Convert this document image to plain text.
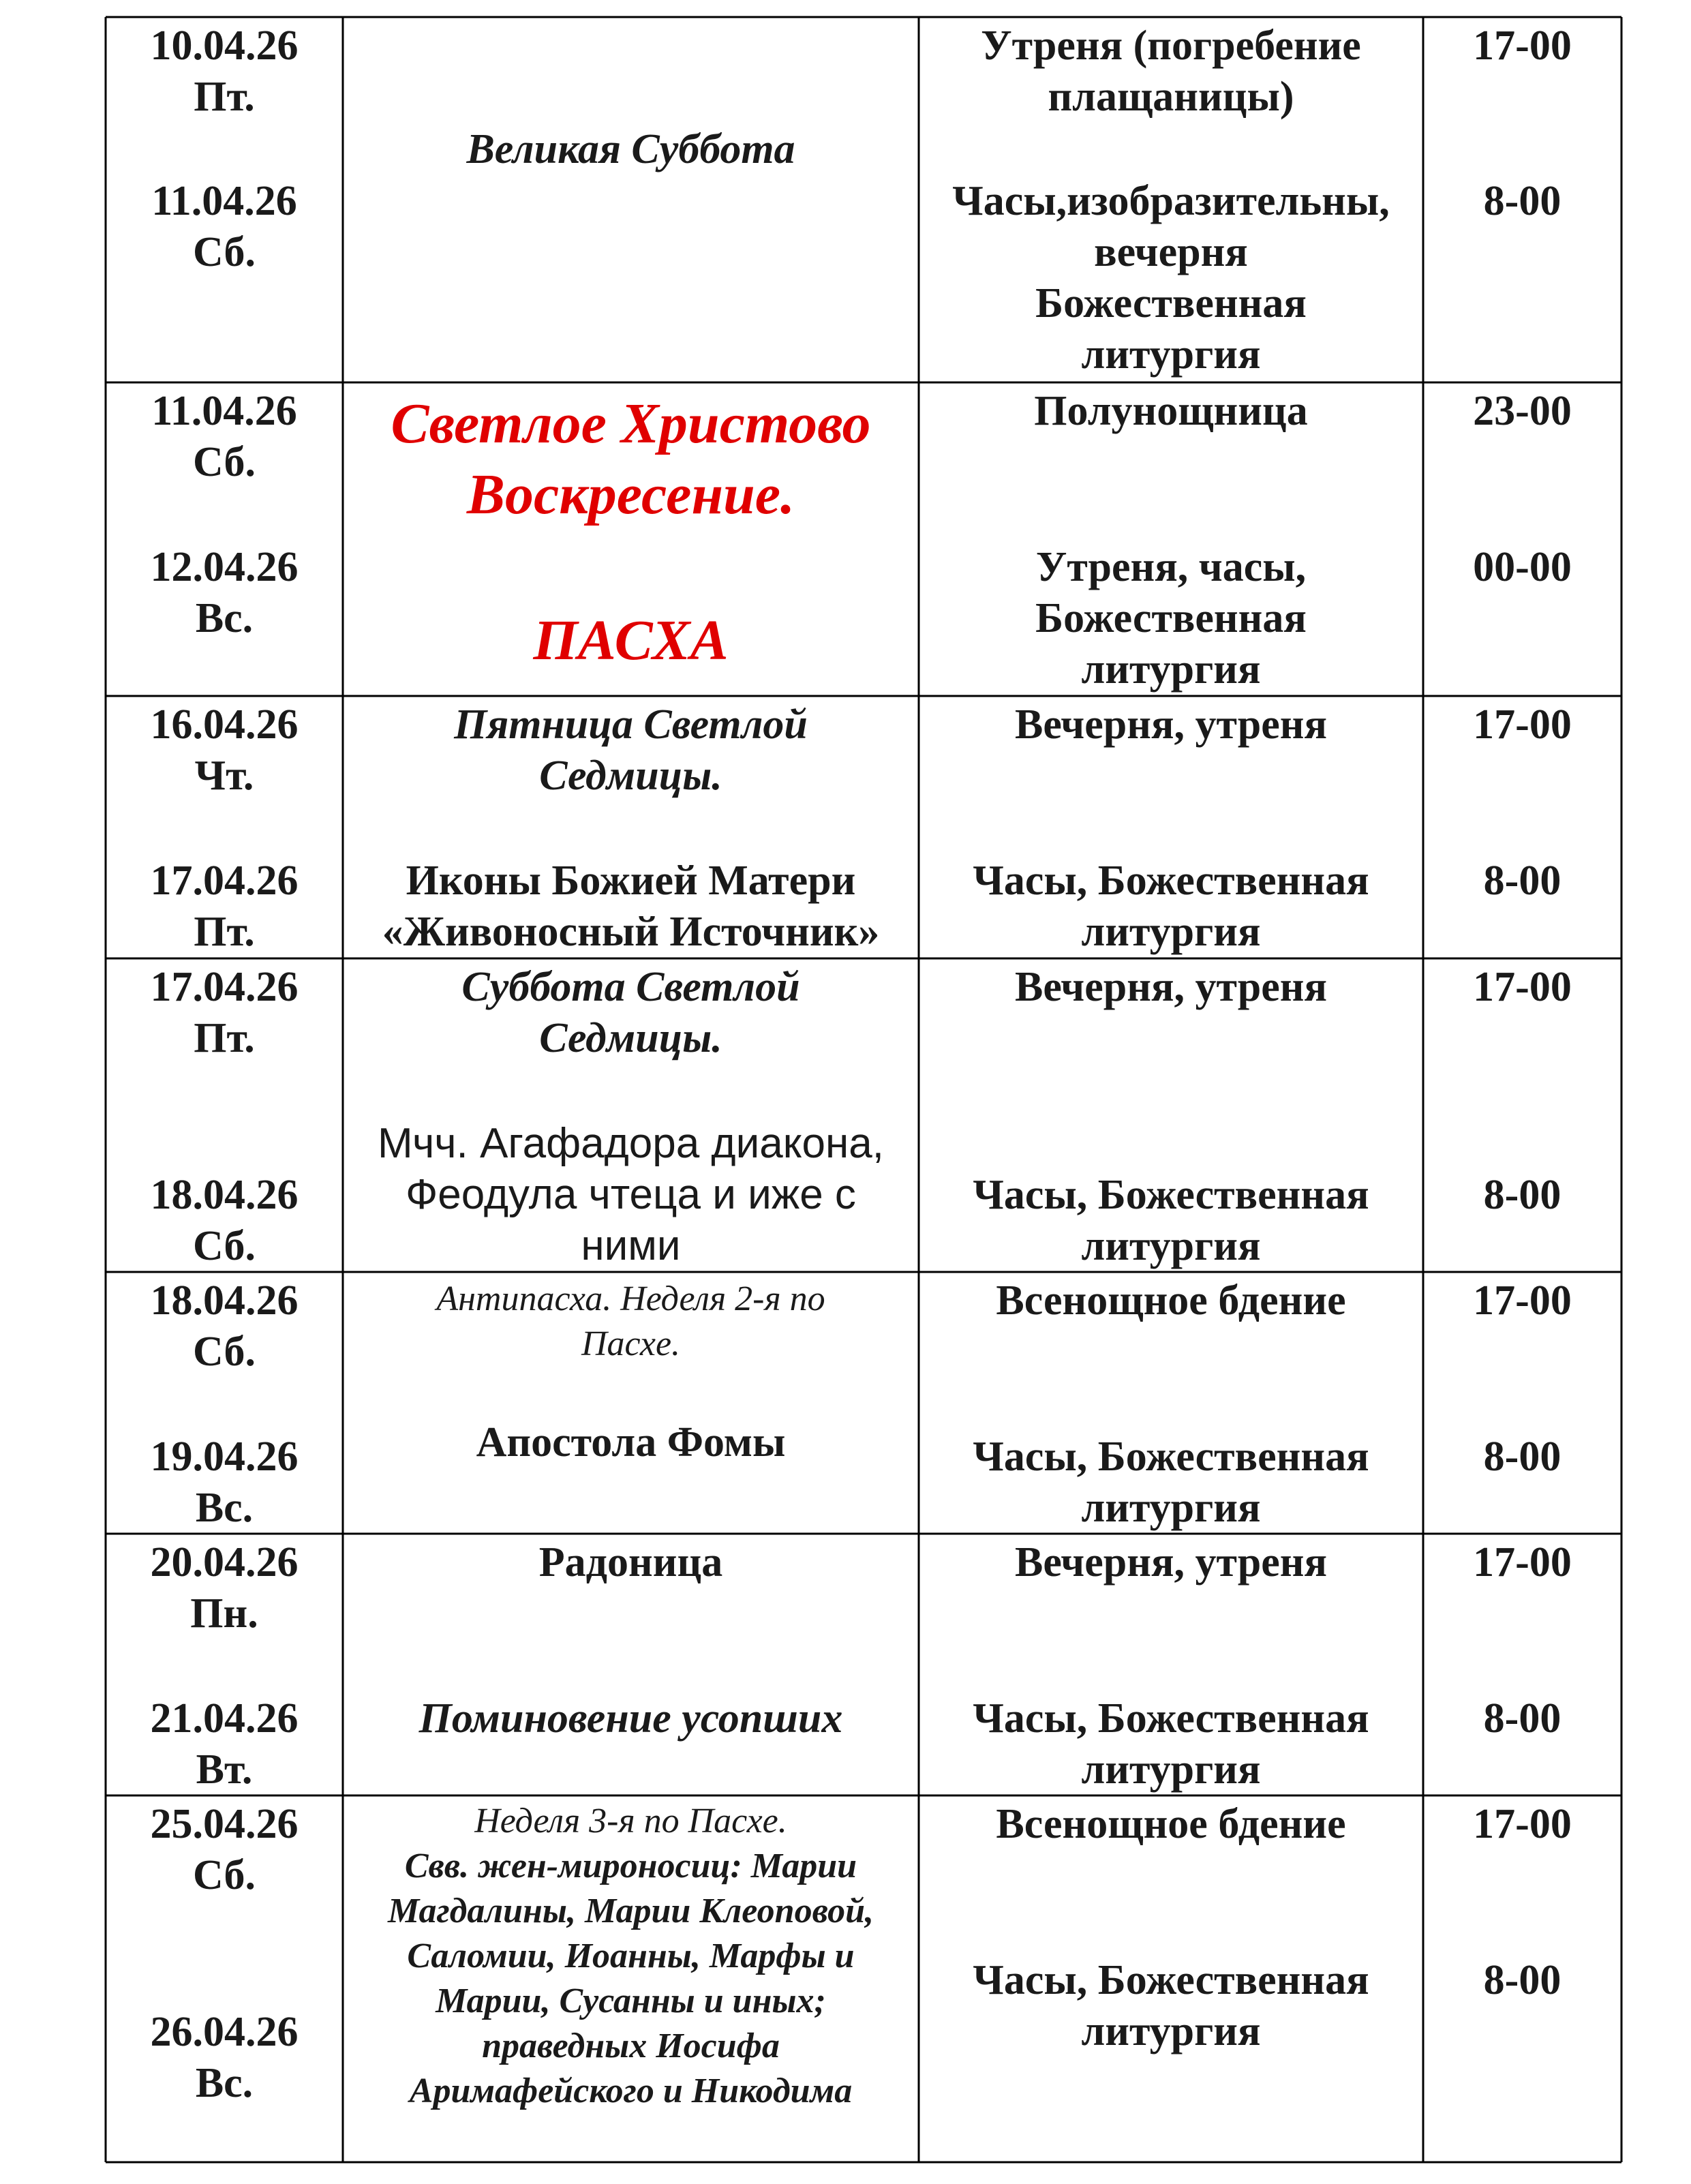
10.04.26
Пт.
11.04.26
Сб.
Великая Суббота
Утреня (погребение
плащаницы)
Часы,изобразительны,
вечерня
Божественная
литургия
17-00
8-00
11.04.26
Сб.
12.04.26
Вс.
Светлое Христово
Воскресение.
ПАСХА
Полунощница
Утреня, часы,
Божественная
литургия
23-00
00-00
16.04.26
Чт.
17.04.26
Пт.
Пятница Светлой
Седмицы.
Иконы Божией Матери
«Живоносный Источник»
Вечерня, утреня
Часы, Божественная
литургия
17-00
8-00
17.04.26
Пт.
18.04.26
Сб.
Суббота Светлой
Седмицы.
Мчч. Агафадора диакона,
Феодула чтеца и иже с
ними
Вечерня, утреня
Часы, Божественная
литургия
17-00
8-00
18.04.26
Сб.
19.04.26
Вс.
Антипасха. Неделя 2-я по
Пасхе.
Апостола Фомы
Всенощное бдение
Часы, Божественная
литургия
17-00
8-00
20.04.26
Пн.
21.04.26
Вт.
Радоница
Поминовение усопших
Вечерня, утреня
Часы, Божественная
литургия
17-00
8-00
25.04.26
Сб.
26.04.26
Вс.
Неделя 3-я по Пасхе.
Свв. жен-мироносиц: Марии
Магдалины, Марии Клеоповой,
Саломии, Иоанны, Марфы и
Марии, Сусанны и иных;
праведных Иосифа
Аримафейского и Никодима
Всенощное бдение
Часы, Божественная
литургия
17-00
8-00
